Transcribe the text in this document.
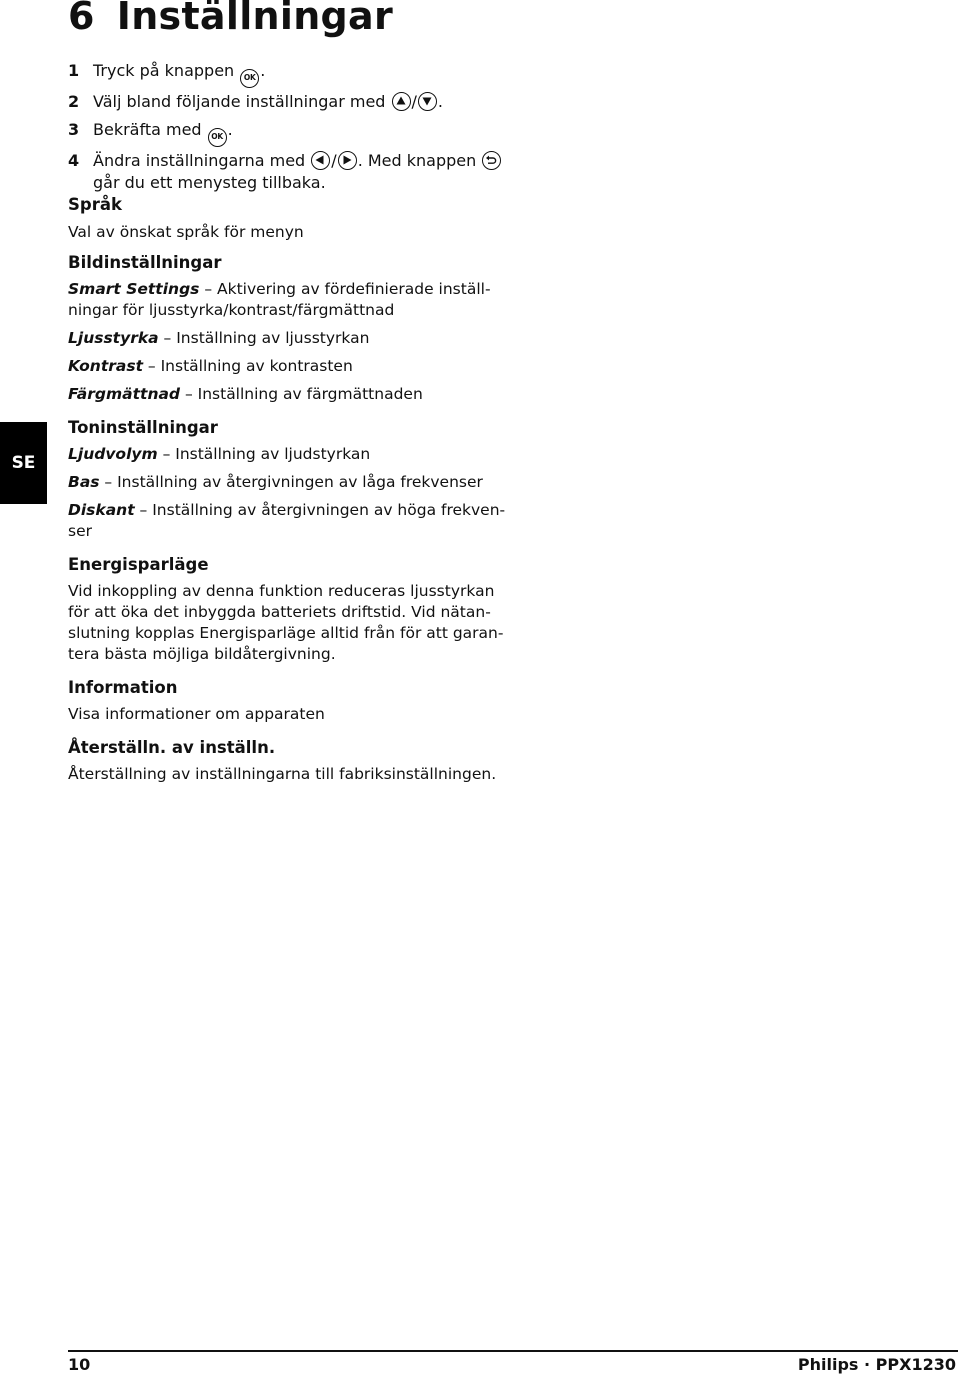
6 Inställningar
1 Tryck på knappen OK .
2 Välj bland följande inställningar med
/ .
3 Bekräfta med OK .
4 Ändra inställningarna med
/ . Med knappen
går du ett menysteg tillbaka.
Språk
Val av önskat språk för menyn
Bildinställningar
Smart Settings – Aktivering av fördefinierade inställningar för ljusstyrka/kontrast/färgmättnad
Ljusstyrka – Inställning av ljusstyrkan
Kontrast – Inställning av kontrasten
Färgmättnad – Inställning av färgmättnaden
Toninställningar
Ljudvolym – Inställning av ljudstyrkan
Bas – Inställning av återgivningen av låga frekvenser
Diskant – Inställning av återgivningen av höga frekvenser
Energisparläge
Vid inkoppling av denna funktion reduceras ljusstyrkan för att öka det inbyggda batteriets driftstid. Vid nätanslutning kopplas Energisparläge alltid från för att garantera bästa möjliga bildåtergivning.
Information
Visa informationer om apparaten
Återställn. av inställn.
Återställning av inställningarna till fabriksinställningen.
SE
10	Philips · PPX1230
